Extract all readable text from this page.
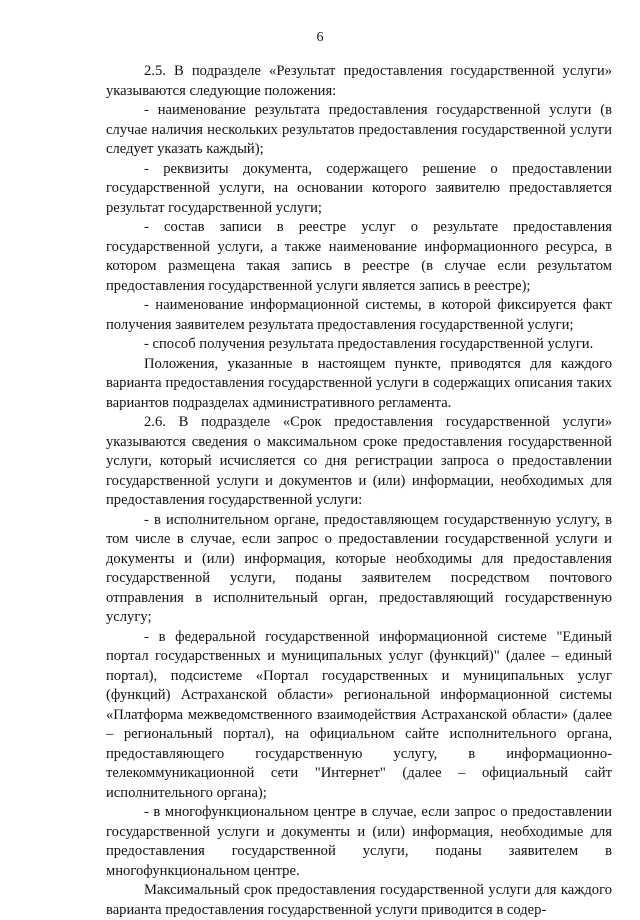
6

2.5. В подразделе «Результат предоставления государственной услуги» указываются следующие положения:

- наименование результата предоставления государственной услуги (в случае наличия нескольких результатов предоставления государственной услуги следует указать каждый);

- реквизиты документа, содержащего решение о предоставлении государственной услуги, на основании которого заявителю предоставляется результат государственной услуги;

- состав записи в реестре услуг о результате предоставления государственной услуги, а также наименование информационного ресурса, в котором размещена такая запись в реестре (в случае если результатом предоставления государственной услуги является запись в реестре);

- наименование информационной системы, в которой фиксируется факт получения заявителем результата предоставления государственной услуги;

- способ получения результата предоставления государственной услуги.

Положения, указанные в настоящем пункте, приводятся для каждого варианта предоставления государственной услуги в содержащих описания таких вариантов подразделах административного регламента.

2.6. В подразделе «Срок предоставления государственной услуги» указываются сведения о максимальном сроке предоставления государственной услуги, который исчисляется со дня регистрации запроса о предоставлении государственной услуги и документов и (или) информации, необходимых для предоставления государственной услуги:

- в исполнительном органе, предоставляющем государственную услугу, в том числе в случае, если запрос о предоставлении государственной услуги и документы и (или) информация, которые необходимы для предоставления государственной услуги, поданы заявителем посредством почтового отправления в исполнительный орган, предоставляющий государственную услугу;

- в федеральной государственной информационной системе "Единый портал государственных и муниципальных услуг (функций)" (далее – единый портал), подсистеме «Портал государственных и муниципальных услуг (функций) Астраханской области» региональной информационной системы «Платформа межведомственного взаимодействия Астраханской области» (далее – региональный портал), на официальном сайте исполнительного органа, предоставляющего государственную услугу, в информационно-телекоммуникационной сети "Интернет" (далее – официальный сайт исполнительного органа);

- в многофункциональном центре в случае, если запрос о предоставлении государственной услуги и документы и (или) информация, необходимые для предоставления государственной услуги, поданы заявителем в многофункциональном центре.

Максимальный срок предоставления государственной услуги для каждого варианта предоставления государственной услуги приводится в содер-
